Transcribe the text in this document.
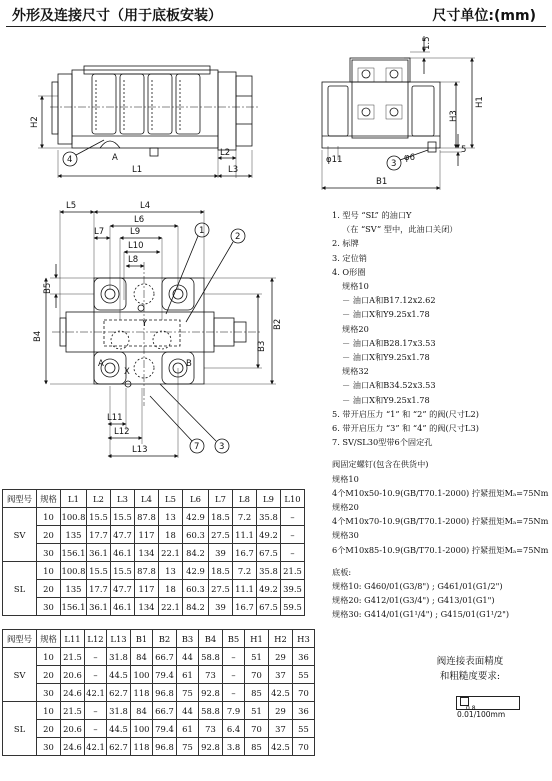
外形及连接尺寸（用于底板安装）	尺寸单位:(mm)
H2
L1
L2
L3
A
4
1.5
H1
H3
5
φ11	φ6
B1
3
L5	L4
L6
L7	L9
L10
L8
B5
B4
B3
B2
Y
A	B
X
L11
L12
L13
1
2
7 3
1. 型号 “SL” 的油口Y
（在 “SV” 型中，此油口关闭）
2. 标牌
3. 定位销
4. O形圈
规格10
－ 油口A和B17.12x2.62
－ 油口X和Y9.25x1.78
规格20
－ 油口A和B28.17x3.53
－ 油口X和Y9.25x1.78
规格32
－ 油口A和B34.52x3.53
－ 油口X和Y9.25x1.78
5. 带开启压力 “1” 和 “2” 的阀(尺寸L2)
6. 带开启压力 “3” 和 “4” 的阀(尺寸L3)
7. SV/SL30型带6个固定孔
阀固定螺钉(包含在供货中)
规格10
4个M10x50-10.9(GB/T70.1-2000) 拧紧扭矩Mₐ=75Nm
规格20
4个M10x70-10.9(GB/T70.1-2000) 拧紧扭矩Mₐ=75Nm
规格30
6个M10x85-10.9(GB/T70.1-2000) 拧紧扭矩Mₐ=75Nm
底板:
规格10: G460/01(G3/8") ; G461/01(G1/2")
规格20: G412/01(G3/4") ; G413/01(G1")
规格30: G414/01(G1¹/4") ; G415/01(G1¹/2")
阀型号	规格	L1	L2	L3	L4	L5	L6	L7	L8	L9	L10
SV	10	100.8	15.5	15.5	87.8	13	42.9	18.5	7.2	35.8	–
	20	135	17.7	47.7	117	18	60.3	27.5	11.1	49.2	–
	30	156.1	36.1	46.1	134	22.1	84.2	39	16.7	67.5	–
SL	10	100.8	15.5	15.5	87.8	13	42.9	18.5	7.2	35.8	21.5
	20	135	17.7	47.7	117	18	60.3	27.5	11.1	49.2	39.5
	30	156.1	36.1	46.1	134	22.1	84.2	39	16.7	67.5	59.5
阀型号	规格	L11	L12	L13	B1	B2	B3	B4	B5	H1	H2	H3
SV	10	21.5	–	31.8	84	66.7	44	58.8	–	51	29	36
	20	20.6	–	44.5	100	79.4	61	73	–	70	37	55
	30	24.6	42.1	62.7	118	96.8	75	92.8	–	85	42.5	70
SL	10	21.5	–	31.8	84	66.7	44	58.8	7.9	51	29	36
	20	20.6	–	44.5	100	79.4	61	73	6.4	70	37	55
	30	24.6	42.1	62.7	118	96.8	75	92.8	3.8	85	42.5	70
阀连接表面精度
和粗糙度要求:
0.01/100mm
0.8
